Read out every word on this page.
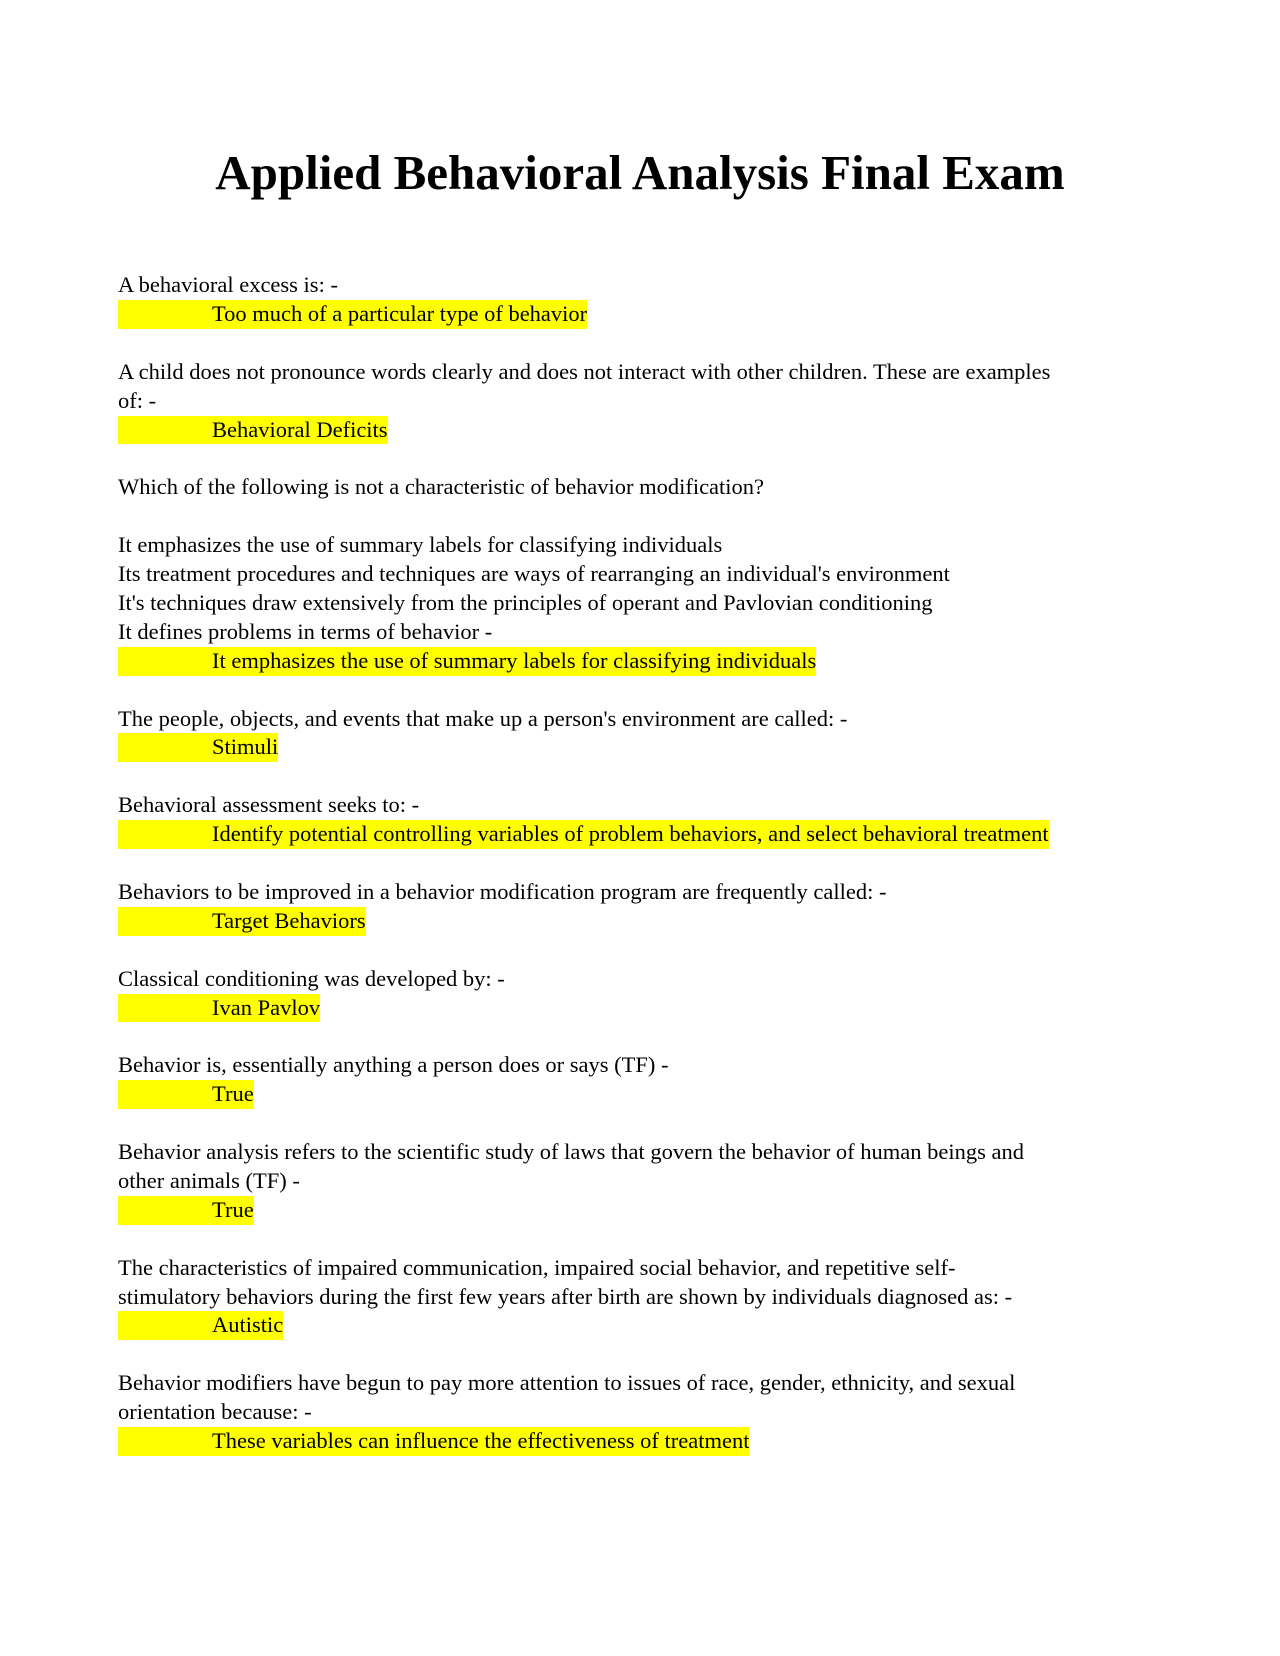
Applied Behavioral Analysis Final Exam
A behavioral excess is: -
Too much of a particular type of behavior
A child does not pronounce words clearly and does not interact with other children. These are examples
of: -
Behavioral Deficits
Which of the following is not a characteristic of behavior modification?
It emphasizes the use of summary labels for classifying individuals
Its treatment procedures and techniques are ways of rearranging an individual's environment
It's techniques draw extensively from the principles of operant and Pavlovian conditioning
It defines problems in terms of behavior -
It emphasizes the use of summary labels for classifying individuals
The people, objects, and events that make up a person's environment are called: -
Stimuli
Behavioral assessment seeks to: -
Identify potential controlling variables of problem behaviors, and select behavioral treatment
Behaviors to be improved in a behavior modification program are frequently called: -
Target Behaviors
Classical conditioning was developed by: -
Ivan Pavlov
Behavior is, essentially anything a person does or says (TF) -
True
Behavior analysis refers to the scientific study of laws that govern the behavior of human beings and
other animals (TF) -
True
The characteristics of impaired communication, impaired social behavior, and repetitive self-
stimulatory behaviors during the first few years after birth are shown by individuals diagnosed as: -
Autistic
Behavior modifiers have begun to pay more attention to issues of race, gender, ethnicity, and sexual
orientation because: -
These variables can influence the effectiveness of treatment
